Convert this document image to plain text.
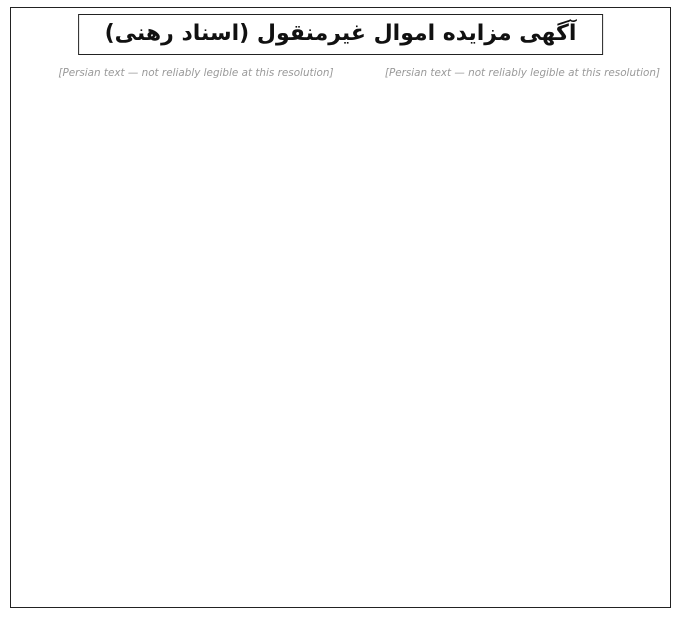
آگهی مزایده اموال غیرمنقول (اسناد رهنی)

[Persian text — not reliably legible at this resolution]

[Persian text — not reliably legible at this resolution]
